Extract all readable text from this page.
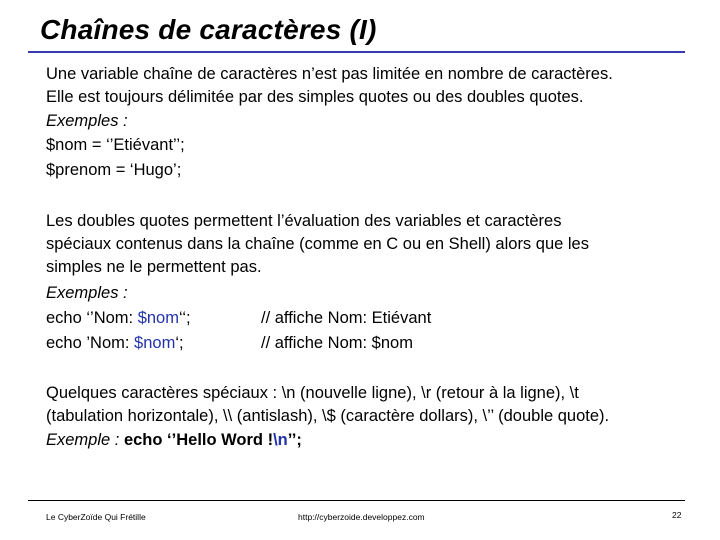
Chaînes de caractères (I)
Une variable chaîne de caractères n’est pas limitée en nombre de caractères.
Elle est toujours délimitée par des simples quotes ou des doubles quotes.
Exemples :
$nom = ‘’Etiévant’’;
$prenom = ‘Hugo’;
Les doubles quotes permettent l’évaluation des variables et caractères
spéciaux contenus dans la chaîne (comme en C ou en Shell) alors que les
simples ne le permettent pas.
Exemples :
echo ‘’Nom: $nom‘‘;	// affiche Nom: Etiévant
echo ’Nom: $nom‘;	// affiche Nom: $nom
Quelques caractères spéciaux : \n (nouvelle ligne), \r (retour à la ligne), \t
(tabulation horizontale), \\ (antislash), \$ (caractère dollars), \’’ (double quote).
Exemple : echo ‘’Hello Word !\n’’;
Le CyberZoïde Qui Frétille	http://cyberzoide.developpez.com	22
